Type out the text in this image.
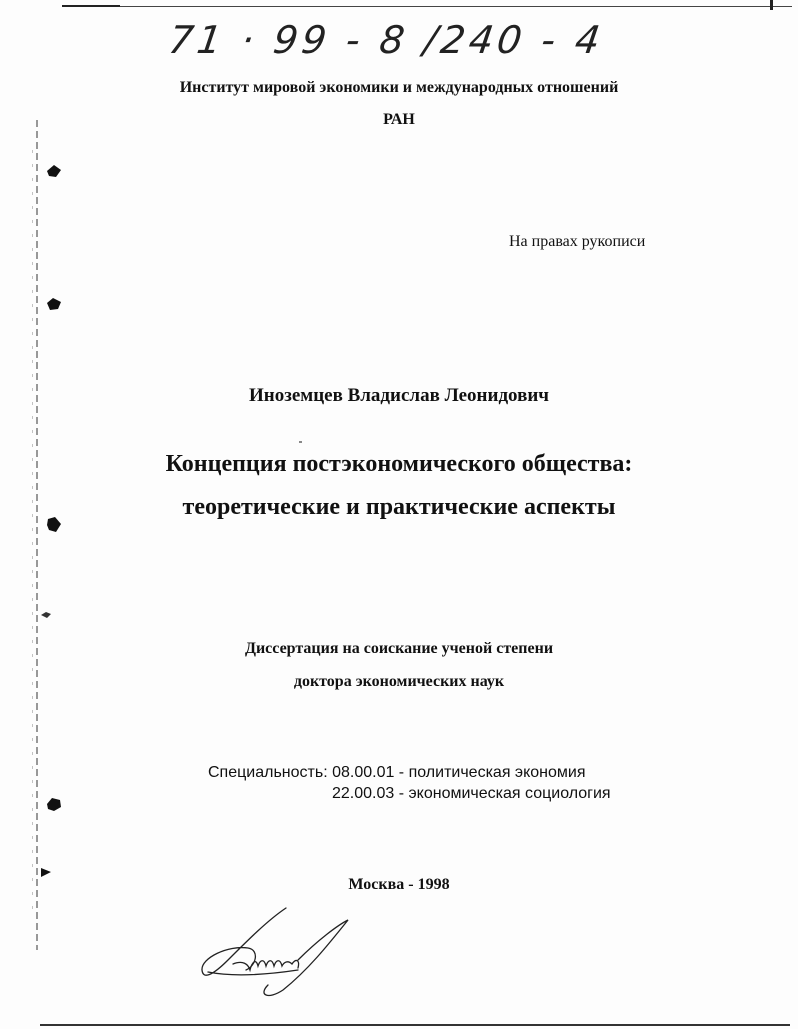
71 · 99 - 8 /240 - 4
Институт мировой экономики и международных отношений
РАН
На правах рукописи
Иноземцев Владислав Леонидович
Концепция постэкономического общества:
теоретические и практические аспекты
Диссертация на соискание ученой степени
доктора экономических наук
Специальность: 08.00.01 - политическая экономия
22.00.03 - экономическая социология
Москва - 1998
